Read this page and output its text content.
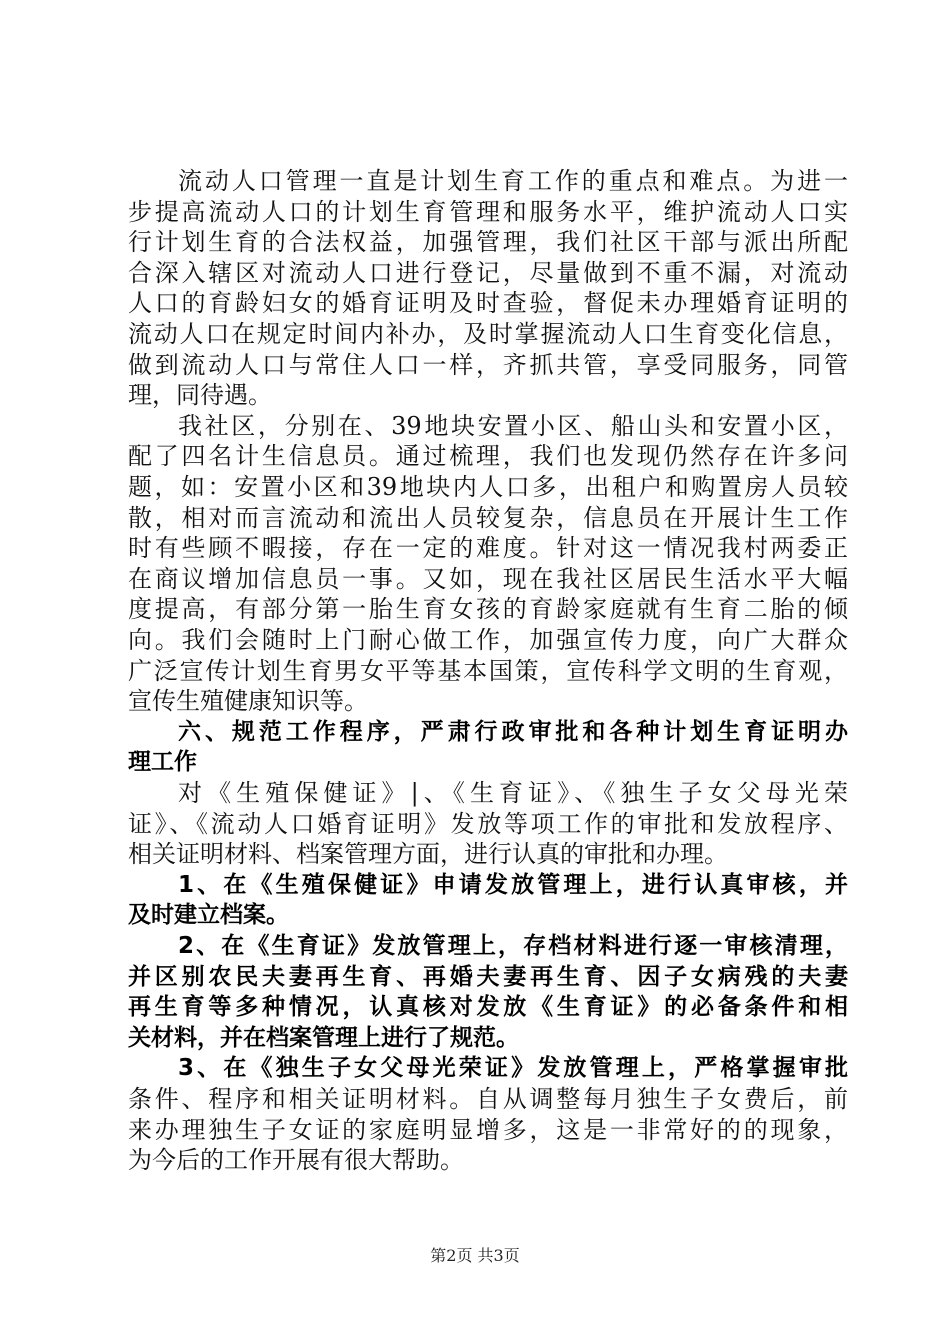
流动人口管理一直是计划生育工作的重点和难点。为进一
步提高流动人口的计划生育管理和服务水平，维护流动人口实
行计划生育的合法权益，加强管理，我们社区干部与派出所配
合深入辖区对流动人口进行登记，尽量做到不重不漏，对流动
人口的育龄妇女的婚育证明及时查验，督促未办理婚育证明的
流动人口在规定时间内补办，及时掌握流动人口生育变化信息，
做到流动人口与常住人口一样，齐抓共管，享受同服务，同管
理，同待遇。
我社区，分别在、39地块安置小区、船山头和安置小区，
配了四名计生信息员。通过梳理，我们也发现仍然存在许多问
题，如：安置小区和39地块内人口多，出租户和购置房人员较
散，相对而言流动和流出人员较复杂，信息员在开展计生工作
时有些顾不暇接，存在一定的难度。针对这一情况我村两委正
在商议增加信息员一事。又如，现在我社区居民生活水平大幅
度提高，有部分第一胎生育女孩的育龄家庭就有生育二胎的倾
向。我们会随时上门耐心做工作，加强宣传力度，向广大群众
广泛宣传计划生育男女平等基本国策，宣传科学文明的生育观，
宣传生殖健康知识等。
六、规范工作程序，严肃行政审批和各种计划生育证明办
理工作
对《生殖保健证》|、《生育证》、《独生子女父母光荣
证》、《流动人口婚育证明》发放等项工作的审批和发放程序、
相关证明材料、档案管理方面，进行认真的审批和办理。
1、在《生殖保健证》申请发放管理上，进行认真审核，并
及时建立档案。
2、在《生育证》发放管理上，存档材料进行逐一审核清理，
并区别农民夫妻再生育、再婚夫妻再生育、因子女病残的夫妻
再生育等多种情况，认真核对发放《生育证》的必备条件和相
关材料，并在档案管理上进行了规范。
3、在《独生子女父母光荣证》发放管理上，严格掌握审批
条件、程序和相关证明材料。自从调整每月独生子女费后，前
来办理独生子女证的家庭明显增多，这是一非常好的的现象，
为今后的工作开展有很大帮助。
第2页 共3页
